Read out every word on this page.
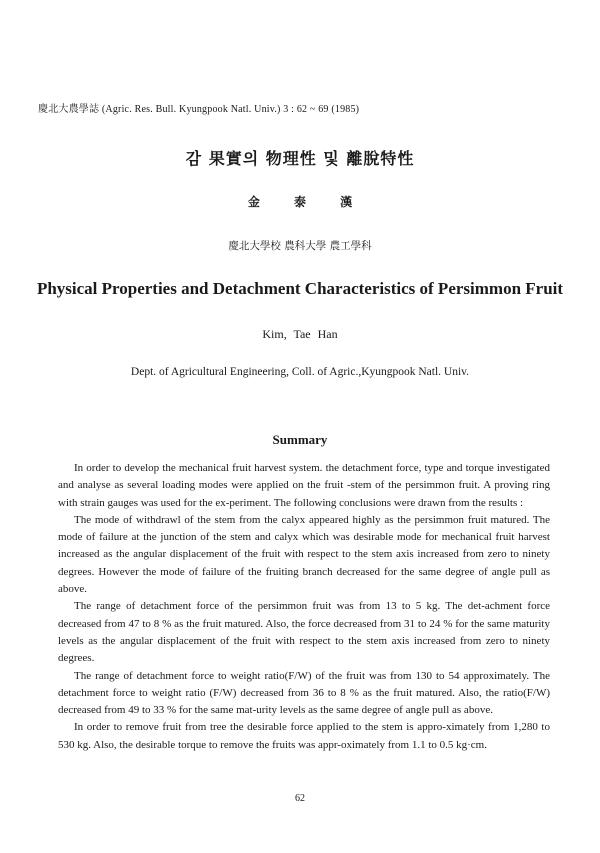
慶北大農學誌 (Agric. Res. Bull. Kyungpook Natl. Univ.) 3 : 62 ~ 69 (1985)
감 果實의 物理性 및 離脫特性
金 泰 漢
慶北大學校 農科大學 農工學科
Physical Properties and Detachment Characteristics of Persimmon Fruit
Kim, Tae Han
Dept. of Agricultural Engineering, Coll. of Agric.,Kyungpook Natl. Univ.
Summary

In order to develop the mechanical fruit harvest system. the detachment force, type and torque investigated and analyse as several loading modes were applied on the fruit -stem of the persimmon fruit. A proving ring with strain gauges was used for the ex-periment. The following conclusions were drawn from the results :

The mode of withdrawl of the stem from the calyx appeared highly as the persimmon fruit matured. The mode of failure at the junction of the stem and calyx which was desirable mode for mechanical fruit harvest increased as the angular displacement of the fruit with respect to the stem axis increased from zero to ninety degrees. However the mode of failure of the fruiting branch decreased for the same degree of angle pull as above.

The range of detachment force of the persimmon fruit was from 13 to 5 kg. The det-achment force decreased from 47 to 8 % as the fruit matured. Also, the force decreased from 31 to 24 % for the same maturity levels as the angular displacement of the fruit with respect to the stem axis increased from zero to ninety degrees.

The range of detachment force to weight ratio(F/W) of the fruit was from 130 to 54 approximately. The detachment force to weight ratio (F/W) decreased from 36 to 8 % as the fruit matured. Also, the ratio(F/W) decreased from 49 to 33 % for the same mat-urity levels as the same degree of angle pull as above.

In order to remove fruit from tree the desirable force applied to the stem is appro-ximately from 1,280 to 530 kg. Also, the desirable torque to remove the fruits was appr-oximately from 1.1 to 0.5 kg·cm.

62
